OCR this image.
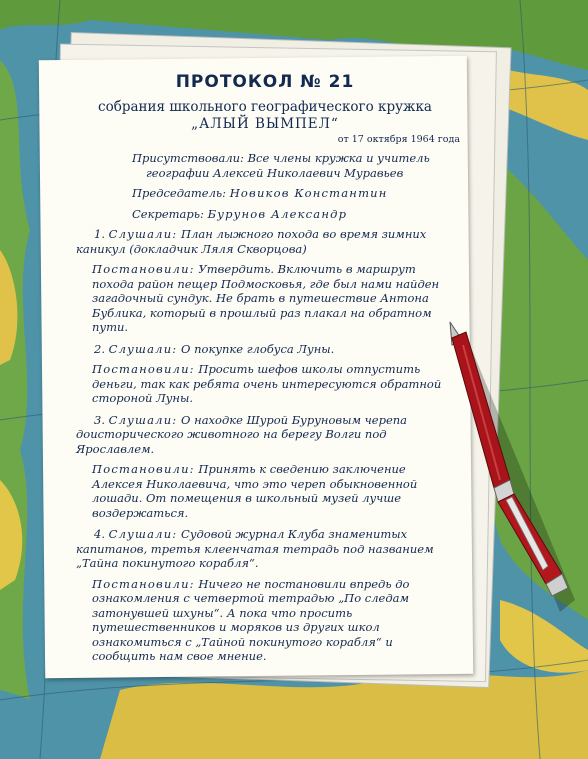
ПРОТОКОЛ № 21
собрания школьного географического кружка
„АЛЫЙ ВЫМПЕЛ“
от 17 октября 1964 года
Присутствовали: Все члены кружка и учитель географии Алексей Николаевич Муравьев
Председатель: Новиков Константин
Секретарь: Бурунов Александр
1. Слушали: План лыжного похода во время зимних каникул (докладчик Ляля Скворцова)
Постановили: Утвердить. Включить в маршрут похода район пещер Подмосковья, где был нами найден загадочный сундук. Не брать в путешествие Антона Бублика, который в прошлый раз плакал на обратном пути.
2. Слушали: О покупке глобуса Луны.
Постановили: Просить шефов школы отпустить деньги, так как ребята очень интересуются обратной стороной Луны.
3. Слушали: О находке Шурой Буруновым черепа доисторического животного на берегу Волги под Ярославлем.
Постановили: Принять к сведению заключение Алексея Николаевича, что это череп обыкновенной лошади. От помещения в школьный музей лучше воздержаться.
4. Слушали: Судовой журнал Клуба знаменитых капитанов, третья клеенчатая тетрадь под названием „Тайна покинутого корабля“.
Постановили: Ничего не постановили впредь до ознакомления с четвертой тетрадью „По следам затонувшей шхуны“. А пока что просить путешественников и моряков из других школ ознакомиться с „Тайной покинутого корабля“ и сообщить нам свое мнение.
